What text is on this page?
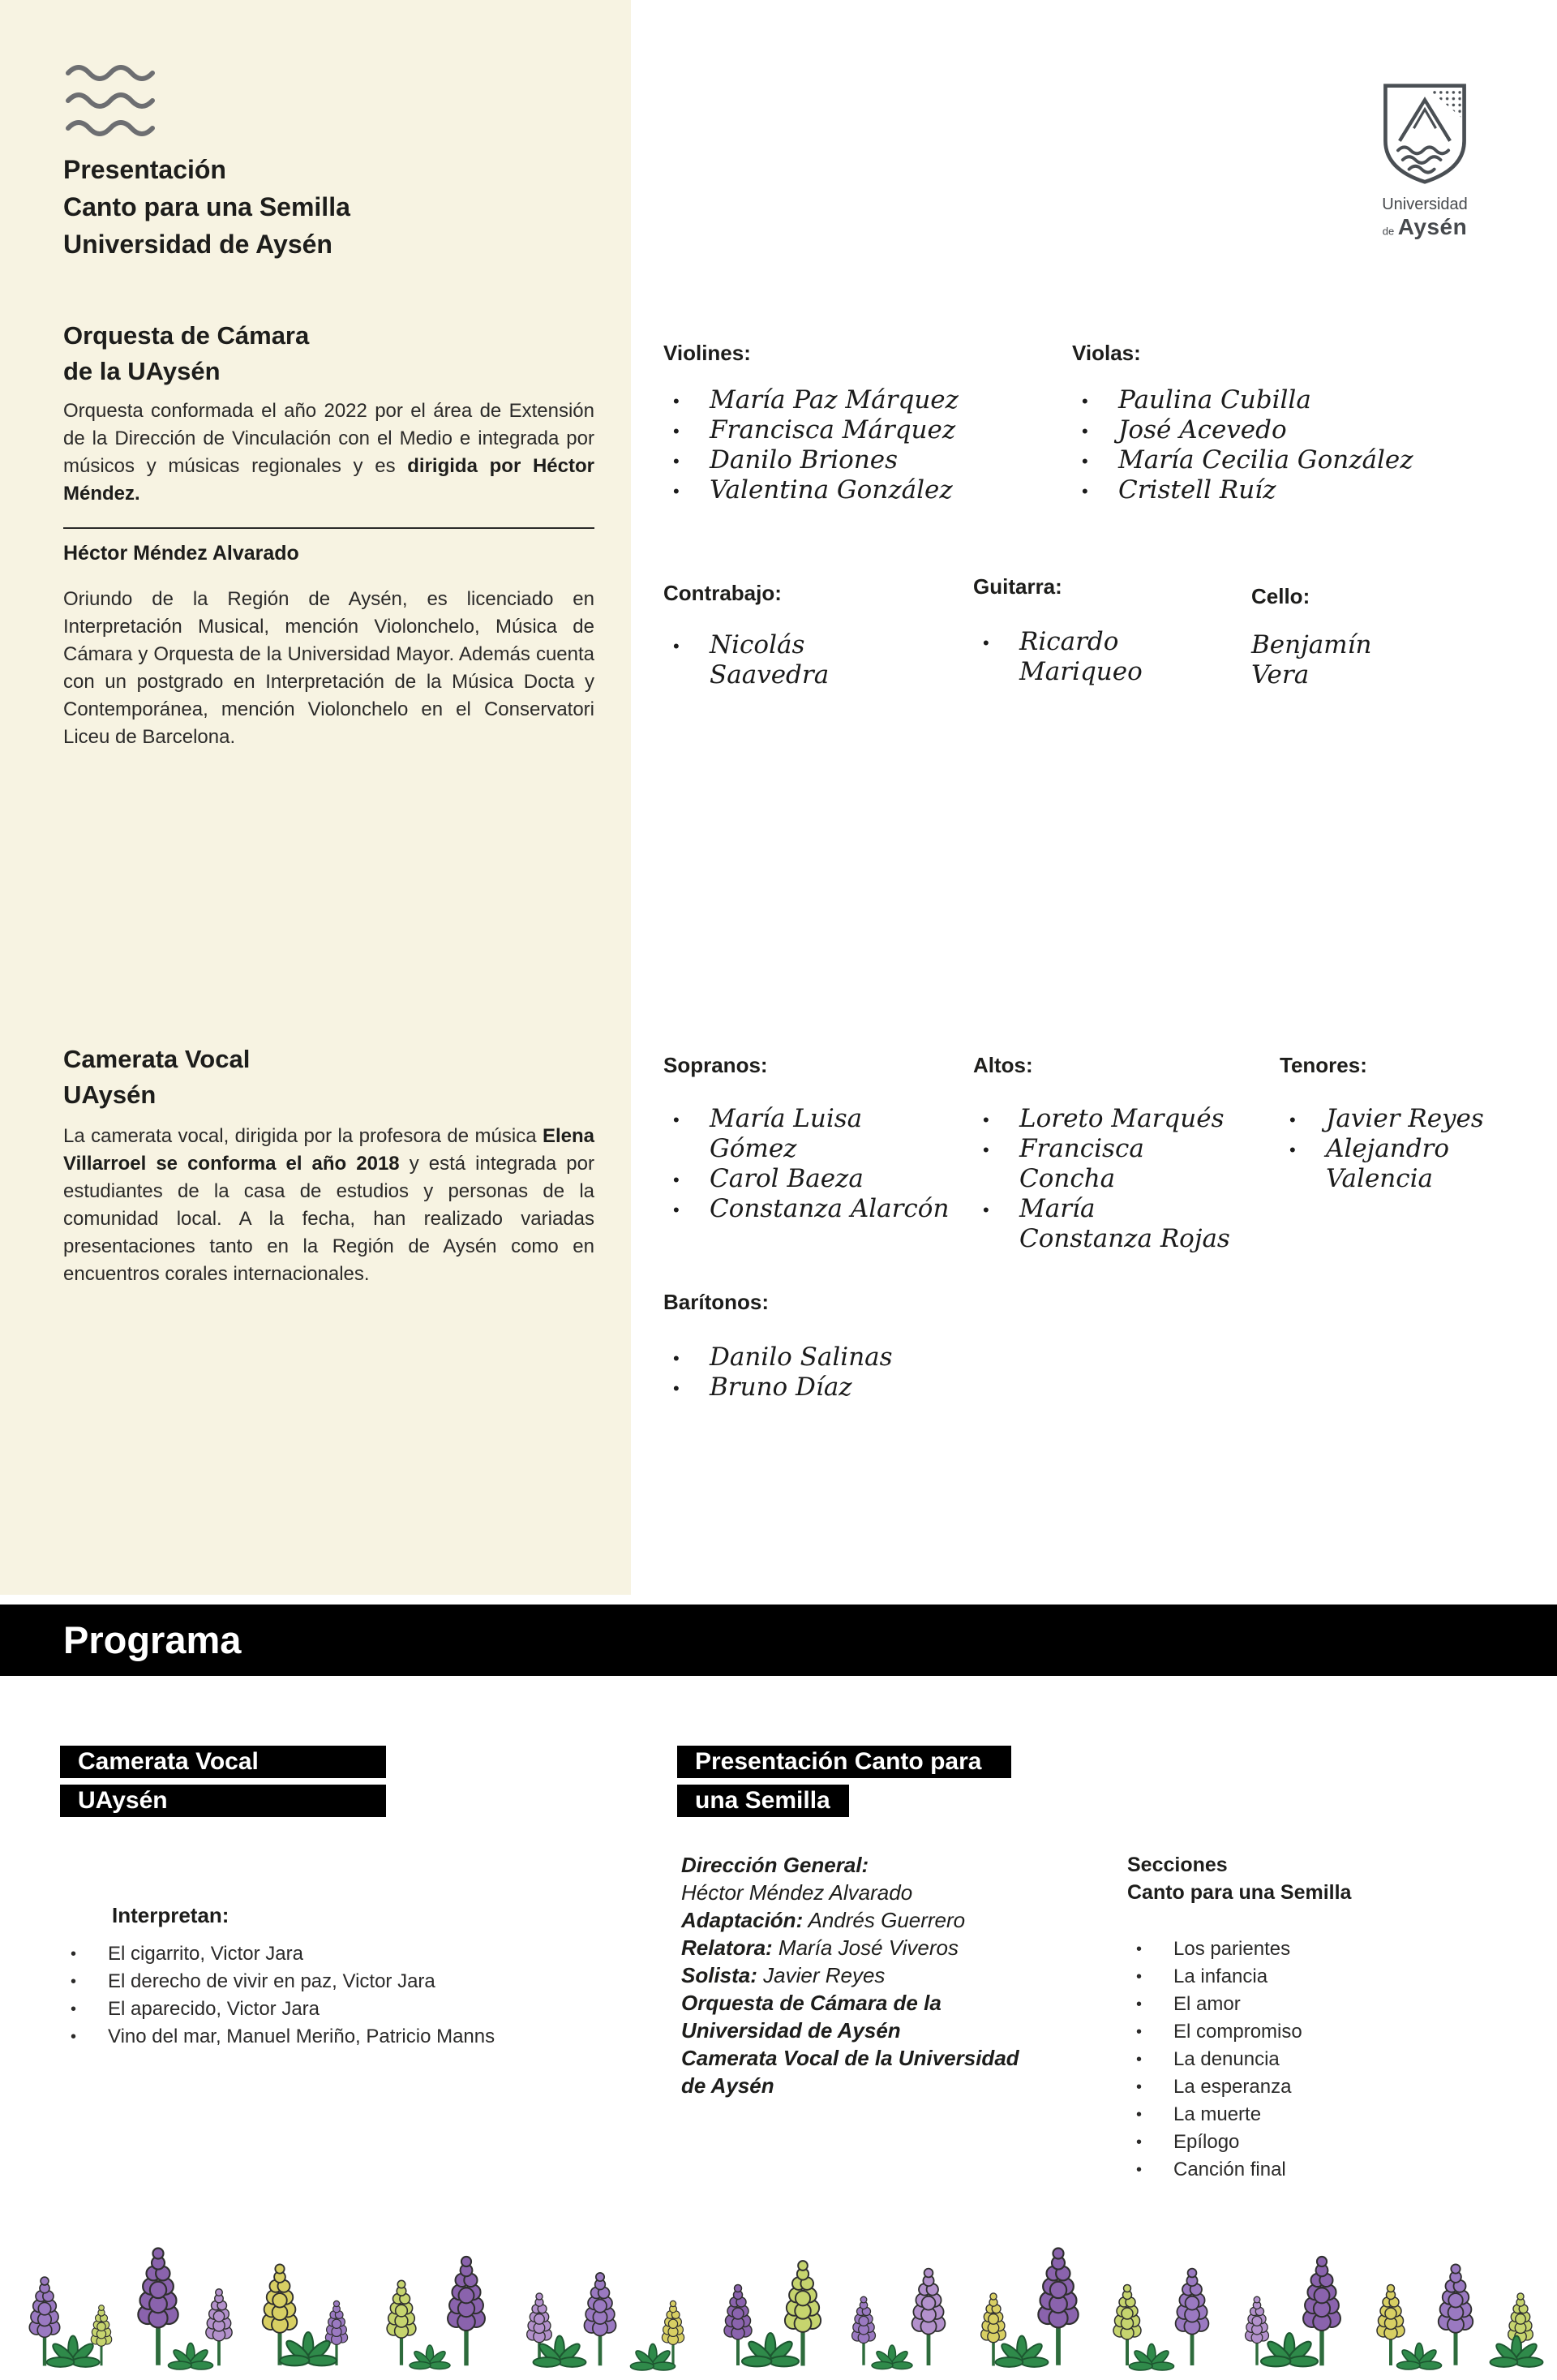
Presentación
Canto para una Semilla
Universidad de Aysén
Universidad
de Aysén
Orquesta de Cámara
de la UAysén
Orquesta conformada el año 2022 por el área de Extensión de la Dirección de Vinculación con el Medio e integrada por músicos y músicas regionales y es dirigida por Héctor Méndez.
Héctor Méndez Alvarado
Oriundo de la Región de Aysén, es licenciado en Interpretación Musical, mención Violonchelo, Música de Cámara y Orquesta de la Universidad Mayor. Además cuenta con un postgrado en Interpretación de la Música Docta y Contemporánea, mención Violonchelo en el Conservatori Liceu de Barcelona.
Violines:
• María Paz Márquez
• Francisca Márquez
• Danilo Briones
• Valentina González
Violas:
• Paulina Cubilla
• José Acevedo
• María Cecilia González
• Cristell Ruíz
Contrabajo:
• Nicolás Saavedra
Guitarra:
• Ricardo Mariqueo
Cello:
Benjamín Vera
Camerata Vocal
UAysén
La camerata vocal, dirigida por la profesora de música Elena Villarroel se conforma el año 2018 y está integrada por estudiantes de la casa de estudios y personas de la comunidad local. A la fecha, han realizado variadas presentaciones tanto en la Región de Aysén como en encuentros corales internacionales.
Sopranos:
• María Luisa Gómez
• Carol Baeza
• Constanza Alarcón
Altos:
• Loreto Marqués
• Francisca Concha
• María Constanza Rojas
Tenores:
• Javier Reyes
• Alejandro Valencia
Barítonos:
• Danilo Salinas
• Bruno Díaz
Programa
Camerata Vocal
UAysén
Interpretan:
• El cigarrito, Victor Jara
• El derecho de vivir en paz, Victor Jara
• El aparecido, Victor Jara
• Vino del mar, Manuel Meriño, Patricio Manns
Presentación Canto para
una Semilla
Dirección General:
Héctor Méndez Alvarado
Adaptación: Andrés Guerrero
Relatora: María José Viveros
Solista: Javier Reyes
Orquesta de Cámara de la
Universidad de Aysén
Camerata Vocal de la Universidad
de Aysén
Secciones
Canto para una Semilla
• Los parientes
• La infancia
• El amor
• El compromiso
• La denuncia
• La esperanza
• La muerte
• Epílogo
• Canción final
